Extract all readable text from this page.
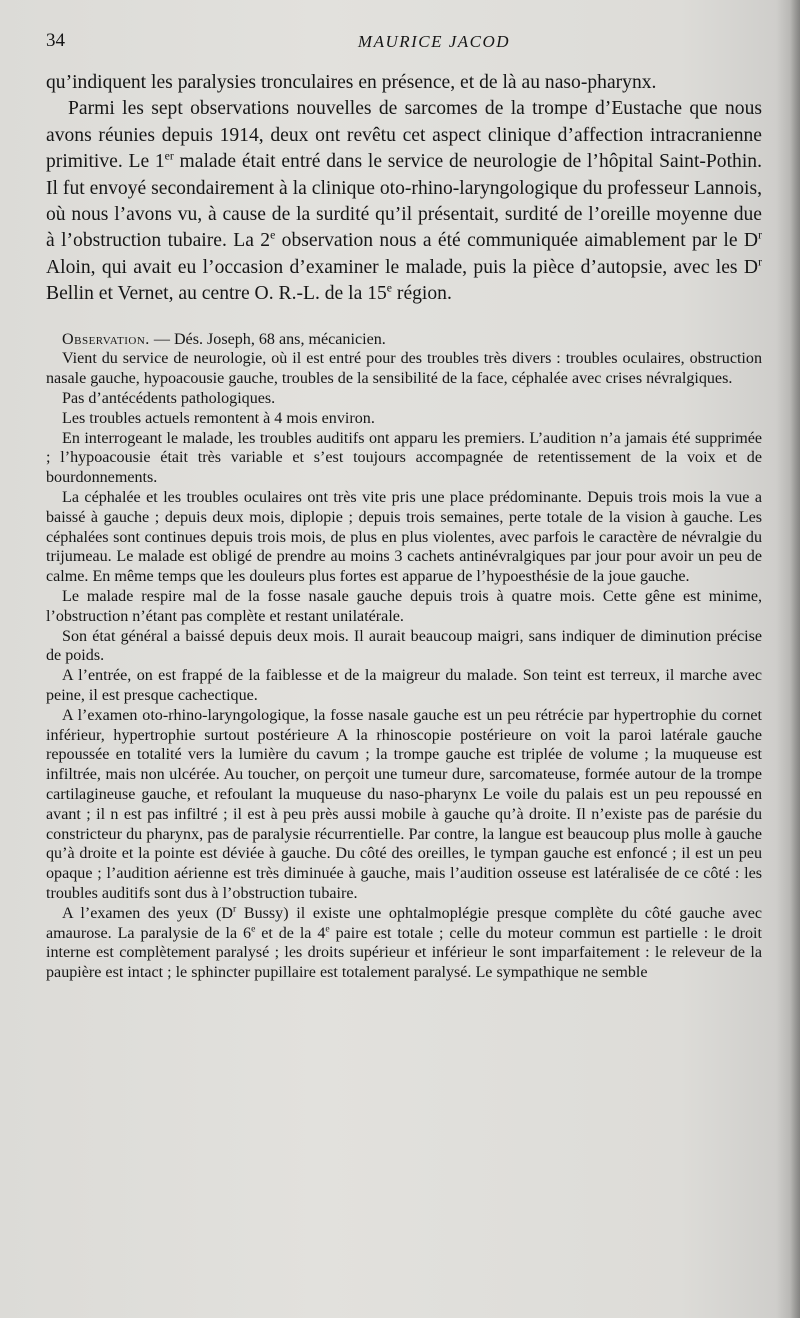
34	MAURICE JACOD

qu’indiquent les paralysies tronculaires en présence, et de là au naso-pharynx.

Parmi les sept observations nouvelles de sarcomes de la trompe d’Eustache que nous avons réunies depuis 1914, deux ont revêtu cet aspect clinique d’affection intracranienne primitive. Le 1er malade était entré dans le service de neurologie de l’hôpital Saint-Pothin. Il fut envoyé secondairement à la clinique oto-rhino-laryngologique du professeur Lannois, où nous l’avons vu, à cause de la surdité qu’il présentait, surdité de l’oreille moyenne due à l’obstruction tubaire. La 2e observation nous a été communiquée aimablement par le $D^r$ Aloin, qui avait eu l’occasion d’examiner le malade, puis la pièce d’autopsie, avec les $D^r$ Bellin et Vernet, au centre O. R.-L. de la 15e région.

Observation. — Dés. Joseph, 68 ans, mécanicien.

Vient du service de neurologie, où il est entré pour des troubles très divers : troubles oculaires, obstruction nasale gauche, hypoacousie gauche, troubles de la sensibilité de la face, céphalée avec crises névralgiques.

Pas d’antécédents pathologiques.

Les troubles actuels remontent à 4 mois environ.

En interrogeant le malade, les troubles auditifs ont apparu les premiers. L’audition n’a jamais été supprimée ; l’hypoacousie était très variable et s’est toujours accompagnée de retentissement de la voix et de bourdonnements.

La céphalée et les troubles oculaires ont très vite pris une place prédominante. Depuis trois mois la vue a baissé à gauche ; depuis deux mois, diplopie ; depuis trois semaines, perte totale de la vision à gauche. Les céphalées sont continues depuis trois mois, de plus en plus violentes, avec parfois le caractère de névralgie du trijumeau. Le malade est obligé de prendre au moins 3 cachets antinévralgiques par jour pour avoir un peu de calme. En même temps que les douleurs plus fortes est apparue de l’hypoesthésie de la joue gauche.

Le malade respire mal de la fosse nasale gauche depuis trois à quatre mois. Cette gêne est minime, l’obstruction n’étant pas complète et restant unilatérale.

Son état général a baissé depuis deux mois. Il aurait beaucoup maigri, sans indiquer de diminution précise de poids.

A l’entrée, on est frappé de la faiblesse et de la maigreur du malade. Son teint est terreux, il marche avec peine, il est presque cachectique.

A l’examen oto-rhino-laryngologique, la fosse nasale gauche est un peu rétrécie par hypertrophie du cornet inférieur, hypertrophie surtout postérieure A la rhinoscopie postérieure on voit la paroi latérale gauche repoussée en totalité vers la lumière du cavum ; la trompe gauche est triplée de volume ; la muqueuse est infiltrée, mais non ulcérée. Au toucher, on perçoit une tumeur dure, sarcomateuse, formée autour de la trompe cartilagineuse gauche, et refoulant la muqueuse du naso-pharynx Le voile du palais est un peu repoussé en avant ; il n est pas infiltré ; il est à peu près aussi mobile à gauche qu’à droite. Il n’existe pas de parésie du constricteur du pharynx, pas de paralysie récurrentielle. Par contre, la langue est beaucoup plus molle à gauche qu’à droite et la pointe est déviée à gauche. Du côté des oreilles, le tympan gauche est enfoncé ; il est un peu opaque ; l’audition aérienne est très diminuée à gauche, mais l’audition osseuse est latéralisée de ce côté : les troubles auditifs sont dus à l’obstruction tubaire.

A l’examen des yeux ($D^r$ Bussy) il existe une ophtalmoplégie presque complète du côté gauche avec amaurose. La paralysie de la 6e et de la 4e paire est totale ; celle du moteur commun est partielle : le droit interne est complètement paralysé ; les droits supérieur et inférieur le sont imparfaitement : le releveur de la paupière est intact ; le sphincter pupillaire est totalement paralysé. Le sympathique ne semble
